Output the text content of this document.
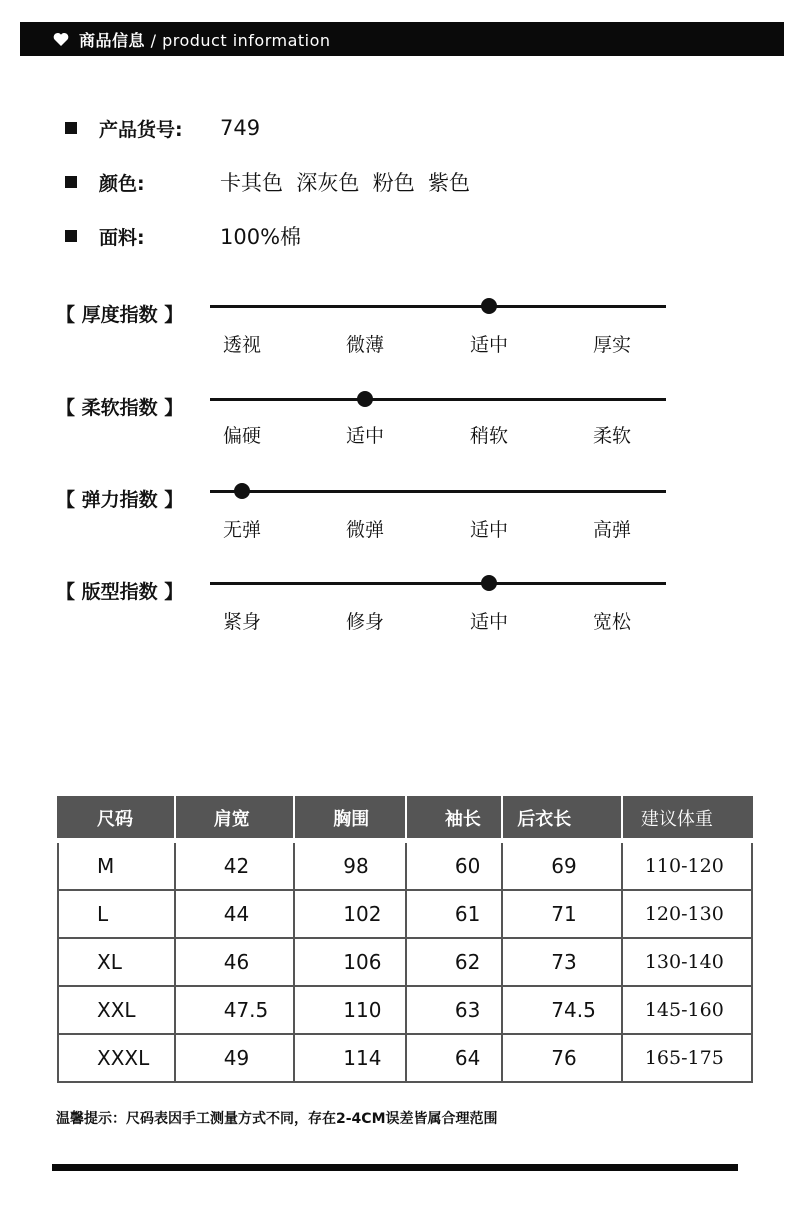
商品信息 / product information
产品货号: 749
颜色:	卡其色  深灰色  粉色  紫色
面料:	100%棉
【 厚度指数 】
透视	微薄	适中	厚实
【 柔软指数 】
偏硬	适中	稍软	柔软
【 弹力指数 】
无弹	微弹	适中	高弹
【 版型指数 】
紧身	修身	适中	宽松
尺码	肩宽	胸围	袖长	后衣长	建议体重
M	42	98	60	69	110-120
L	44	102	61	71	120-130
XL	46	106	62	73	130-140
XXL	47.5	110	63	74.5	145-160
XXXL	49	114	64	76	165-175
温馨提示：尺码表因手工测量方式不同，存在2-4CM误差皆属合理范围
